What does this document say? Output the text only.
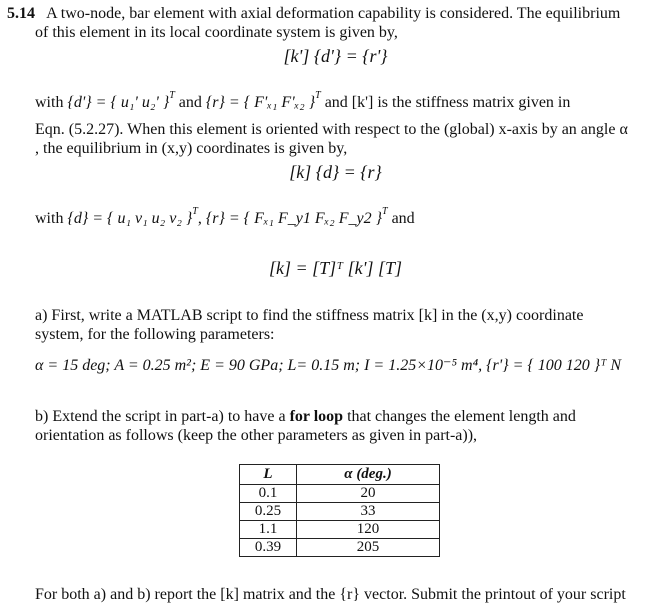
5.14 A two-node, bar element with axial deformation capability is considered. The equilibrium
of this element in its local coordinate system is given by,
[k'] {d'} = {r'}
with {d'} = { u₁' u₂' }$^T$ and {r} = { F'ₓ₁ F'ₓ₂ }$^T$ and [k'] is the stiffness matrix given in
Eqn. (5.2.27). When this element is oriented with respect to the (global) x-axis by an angle α
, the equilibrium in (x,y) coordinates is given by,
[k] {d} = {r}
with {d} = { u₁ v₁ u₂ v₂ }$^T$, {r} = { Fₓ₁ F_y1 Fₓ₂ F_y2 }$^T$ and
[k] = [T]ᵀ [k'] [T]
a) First, write a MATLAB script to find the stiffness matrix [k] in the (x,y) coordinate
system, for the following parameters:
α = 15 deg; A = 0.25 m²; E = 90 GPa; L= 0.15 m; I = 1.25×10⁻⁵ m⁴, {r'} = { 100 120 }ᵀ N
b) Extend the script in part-a) to have a for loop that changes the element length and
orientation as follows (keep the other parameters as given in part-a)),
L	α (deg.)
0.1	20
0.25	33
1.1	120
0.39	205
For both a) and b) report the [k] matrix and the {r} vector. Submit the printout of your script
